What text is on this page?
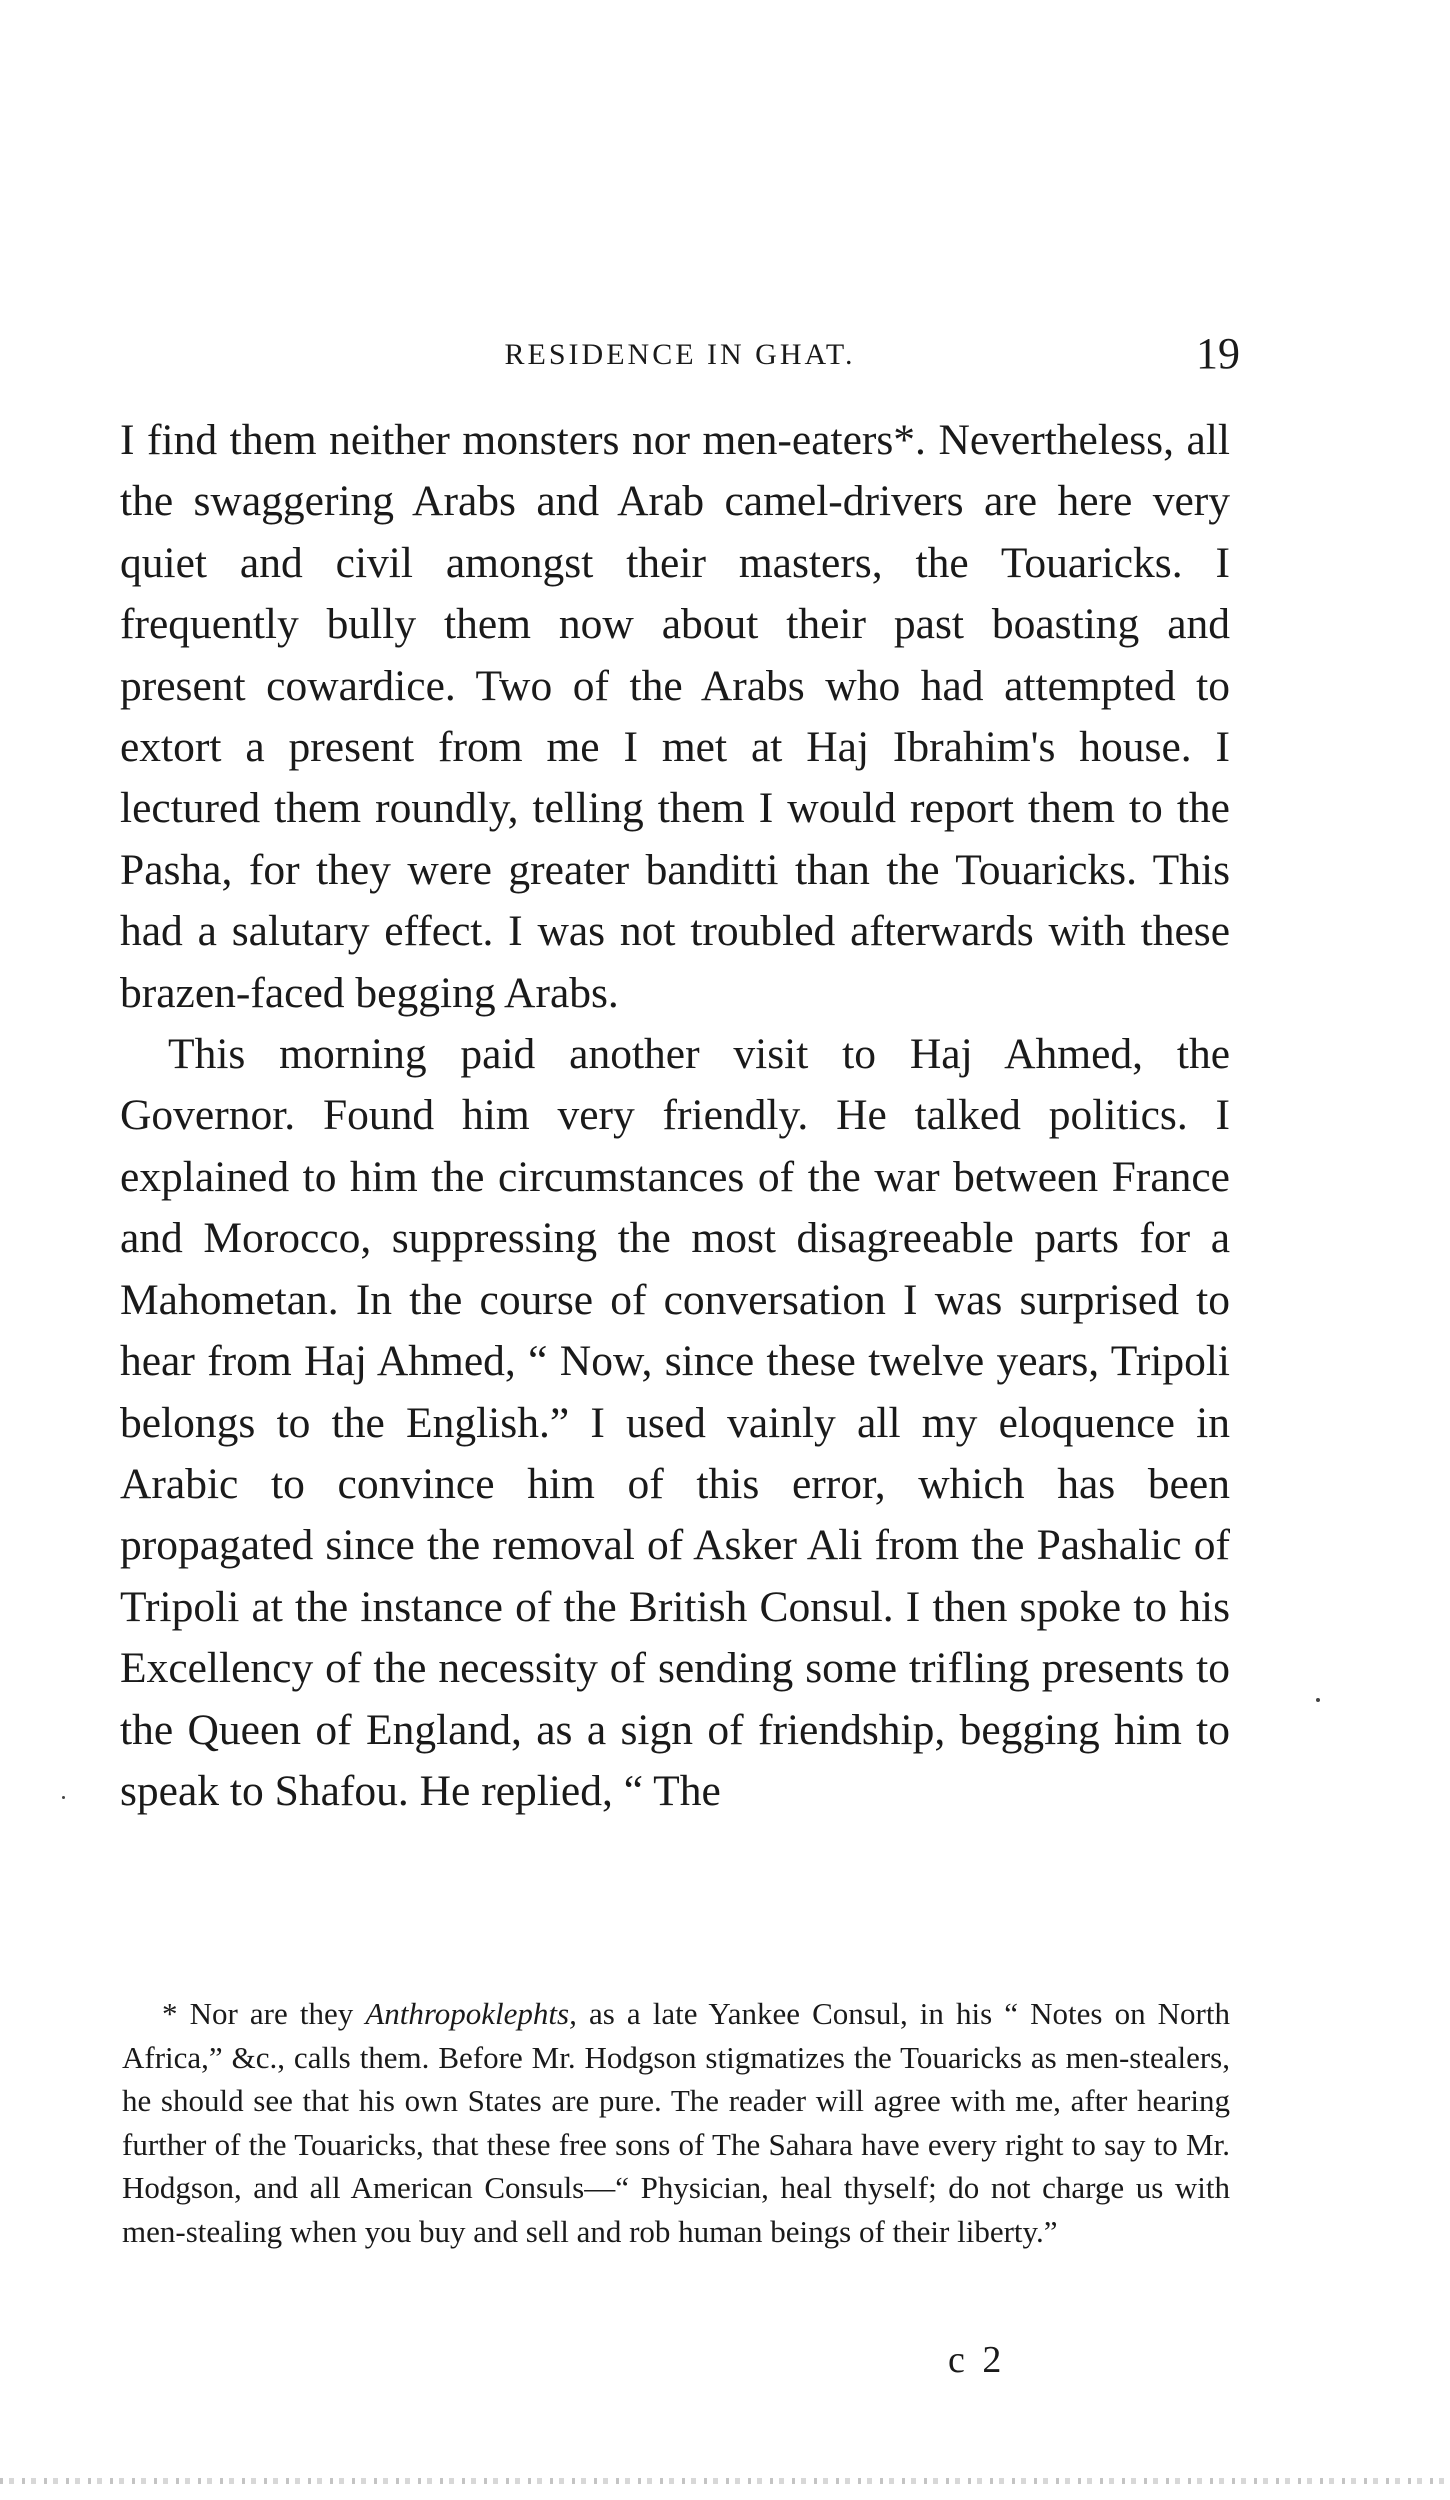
RESIDENCE IN GHAT.	19

I find them neither monsters nor men-eaters*. Nevertheless, all the swaggering Arabs and Arab camel-drivers are here very quiet and civil amongst their masters, the Touaricks. I frequently bully them now about their past boasting and present cowardice. Two of the Arabs who had attempted to extort a present from me I met at Haj Ibrahim's house. I lectured them roundly, telling them I would report them to the Pasha, for they were greater banditti than the Touaricks. This had a salutary effect. I was not troubled afterwards with these brazen-faced begging Arabs.

This morning paid another visit to Haj Ahmed, the Governor. Found him very friendly. He talked politics. I explained to him the circumstances of the war between France and Morocco, suppressing the most disagreeable parts for a Mahometan. In the course of conversation I was surprised to hear from Haj Ahmed, “ Now, since these twelve years, Tripoli belongs to the English.” I used vainly all my eloquence in Arabic to convince him of this error, which has been propagated since the removal of Asker Ali from the Pashalic of Tripoli at the instance of the British Consul. I then spoke to his Excellency of the necessity of sending some trifling presents to the Queen of England, as a sign of friendship, begging him to speak to Shafou. He replied, “ The

* Nor are they Anthropoklephts, as a late Yankee Consul, in his “ Notes on North Africa,” &c., calls them. Before Mr. Hodgson stigmatizes the Touaricks as men-stealers, he should see that his own States are pure. The reader will agree with me, after hearing further of the Touaricks, that these free sons of The Sahara have every right to say to Mr. Hodgson, and all American Consuls—“ Physician, heal thyself; do not charge us with men-stealing when you buy and sell and rob human beings of their liberty.”
c 2
